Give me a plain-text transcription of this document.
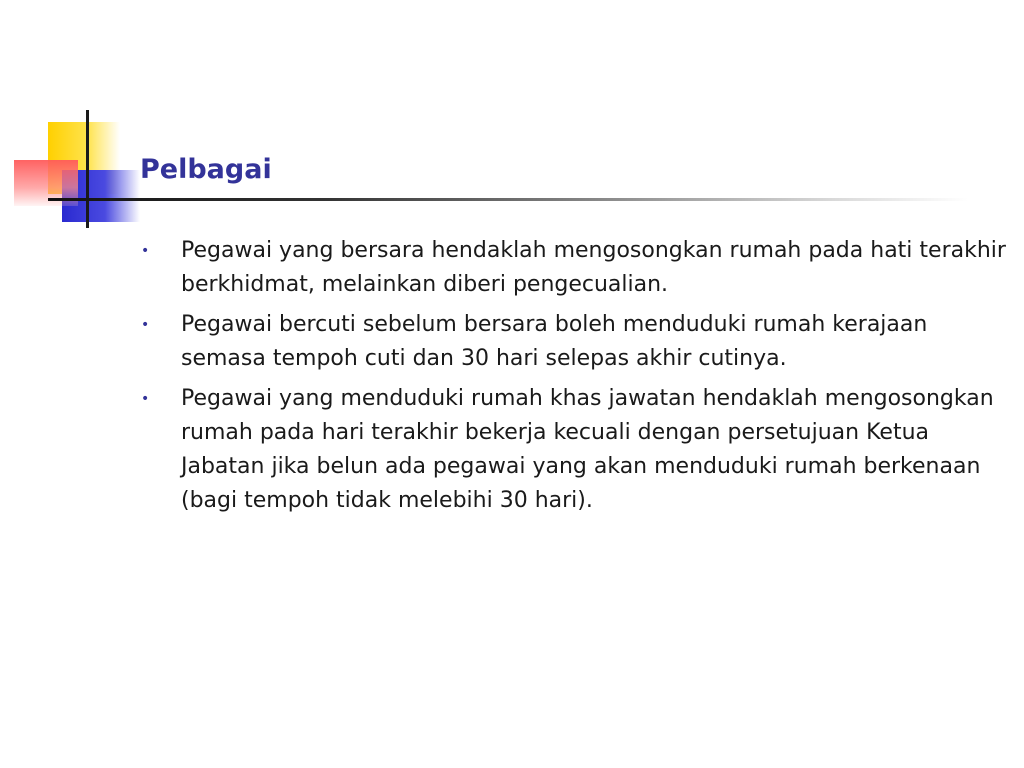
Pelbagai
• Pegawai yang bersara hendaklah mengosongkan rumah pada hati terakhir berkhidmat, melainkan diberi pengecualian.
• Pegawai bercuti sebelum bersara boleh menduduki rumah kerajaan semasa tempoh cuti dan 30 hari selepas akhir cutinya.
• Pegawai yang menduduki rumah khas jawatan hendaklah mengosongkan rumah pada hari terakhir bekerja kecuali dengan persetujuan Ketua Jabatan jika belun ada pegawai yang akan menduduki rumah berkenaan (bagi tempoh tidak melebihi 30 hari).
